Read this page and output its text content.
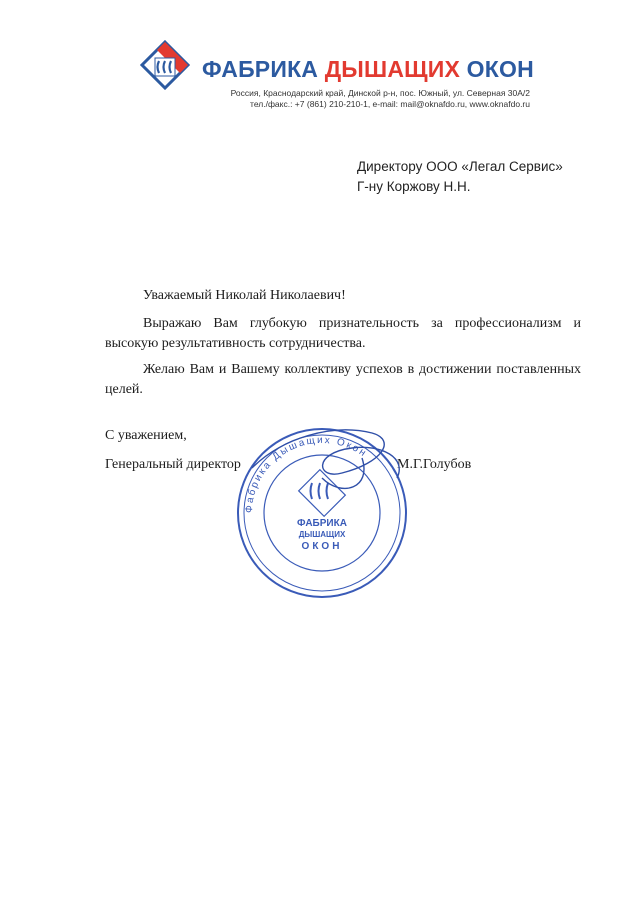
ФАБРИКА ДЫШАЩИХ ОКОН
Россия, Краснодарский край, Динской р-н, пос. Южный, ул. Северная 30А/2
тел./факс.: +7 (861) 210-210-1, e-mail: mail@oknafdo.ru, www.oknafdo.ru
Директору ООО «Легал Сервис»
Г-ну Коржову Н.Н.
Уважаемый Николай Николаевич!

Выражаю Вам глубокую признательность за профессионализм и высокую результативность сотрудничества.

Желаю Вам и Вашему коллективу успехов в достижении поставленных целей.

С уважением,
Генеральный директор	М.Г.Голубов
Фабрика Дышащих Окон
ФАБРИКА
ДЫШАЩИХ
ОКОН
